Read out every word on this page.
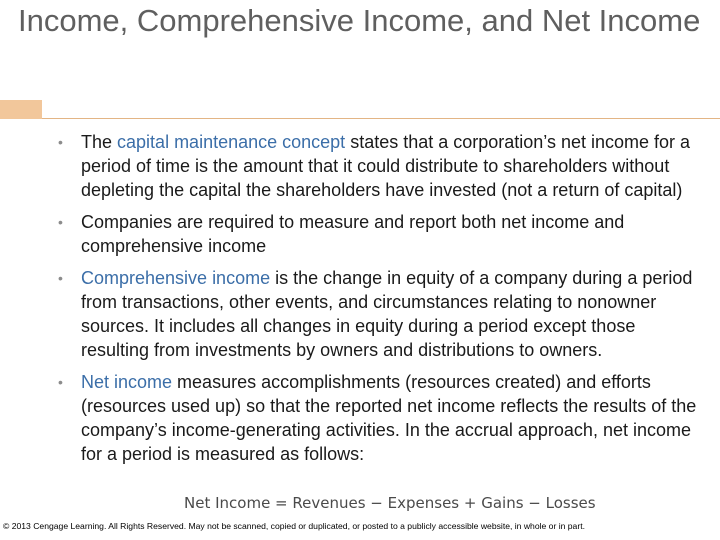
Income, Comprehensive Income, and Net Income
• The capital maintenance concept states that a corporation’s net income for a period of time is the amount that it could distribute to shareholders without depleting the capital the shareholders have invested (not a return of capital)
• Companies are required to measure and report both net income and comprehensive income
• Comprehensive income is the change in equity of a company during a period from transactions, other events, and circumstances relating to nonowner sources. It includes all changes in equity during a period except those resulting from investments by owners and distributions to owners.
• Net income measures accomplishments (resources created) and efforts (resources used up) so that the reported net income reflects the results of the company’s income-generating activities. In the accrual approach, net income for a period is measured as follows:
Net Income = Revenues − Expenses + Gains − Losses
© 2013 Cengage Learning. All Rights Reserved. May not be scanned, copied or duplicated, or posted to a publicly accessible website, in whole or in part.
